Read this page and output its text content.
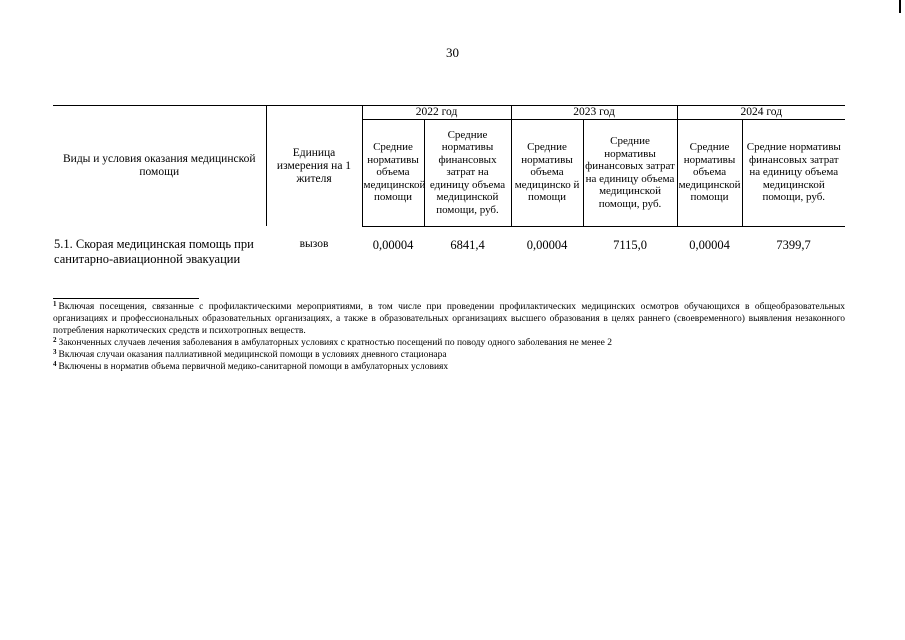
30
Виды и условия оказания медицинской помощи	Единица измерения на 1 жителя	2022 год		2023 год		2024 год	
		Средние нормативы объема медицинской помощи	Средние нормативы финансовых затрат на единицу объема медицинской помощи, руб.	Средние нормативы объема медицинско й помощи	Средние нормативы финансовых затрат на единицу объема медицинской помощи, руб.	Средние нормативы объема медицинской помощи	Средние нормативы финансовых затрат на единицу объема медицинской помощи, руб.
5.1. Скорая медицинская помощь при санитарно-авиационной эвакуации	вызов	0,00004	6841,4	0,00004	7115,0	0,00004	7399,7

$^1$ Включая посещения, связанные с профилактическими мероприятиями, в том числе при проведении профилактических медицинских осмотров обучающихся в общеобразовательных организациях и профессиональных образовательных организациях, а также в образовательных организациях высшего образования в целях раннего (своевременного) выявления незаконного потребления наркотических средств и психотропных веществ.

$^2$ Законченных случаев лечения заболевания в амбулаторных условиях с кратностью посещений по поводу одного заболевания не менее 2

$^3$ Включая случаи оказания паллиативной медицинской помощи в условиях дневного стационара

$^4$ Включены в норматив объема первичной медико-санитарной помощи в амбулаторных условиях
